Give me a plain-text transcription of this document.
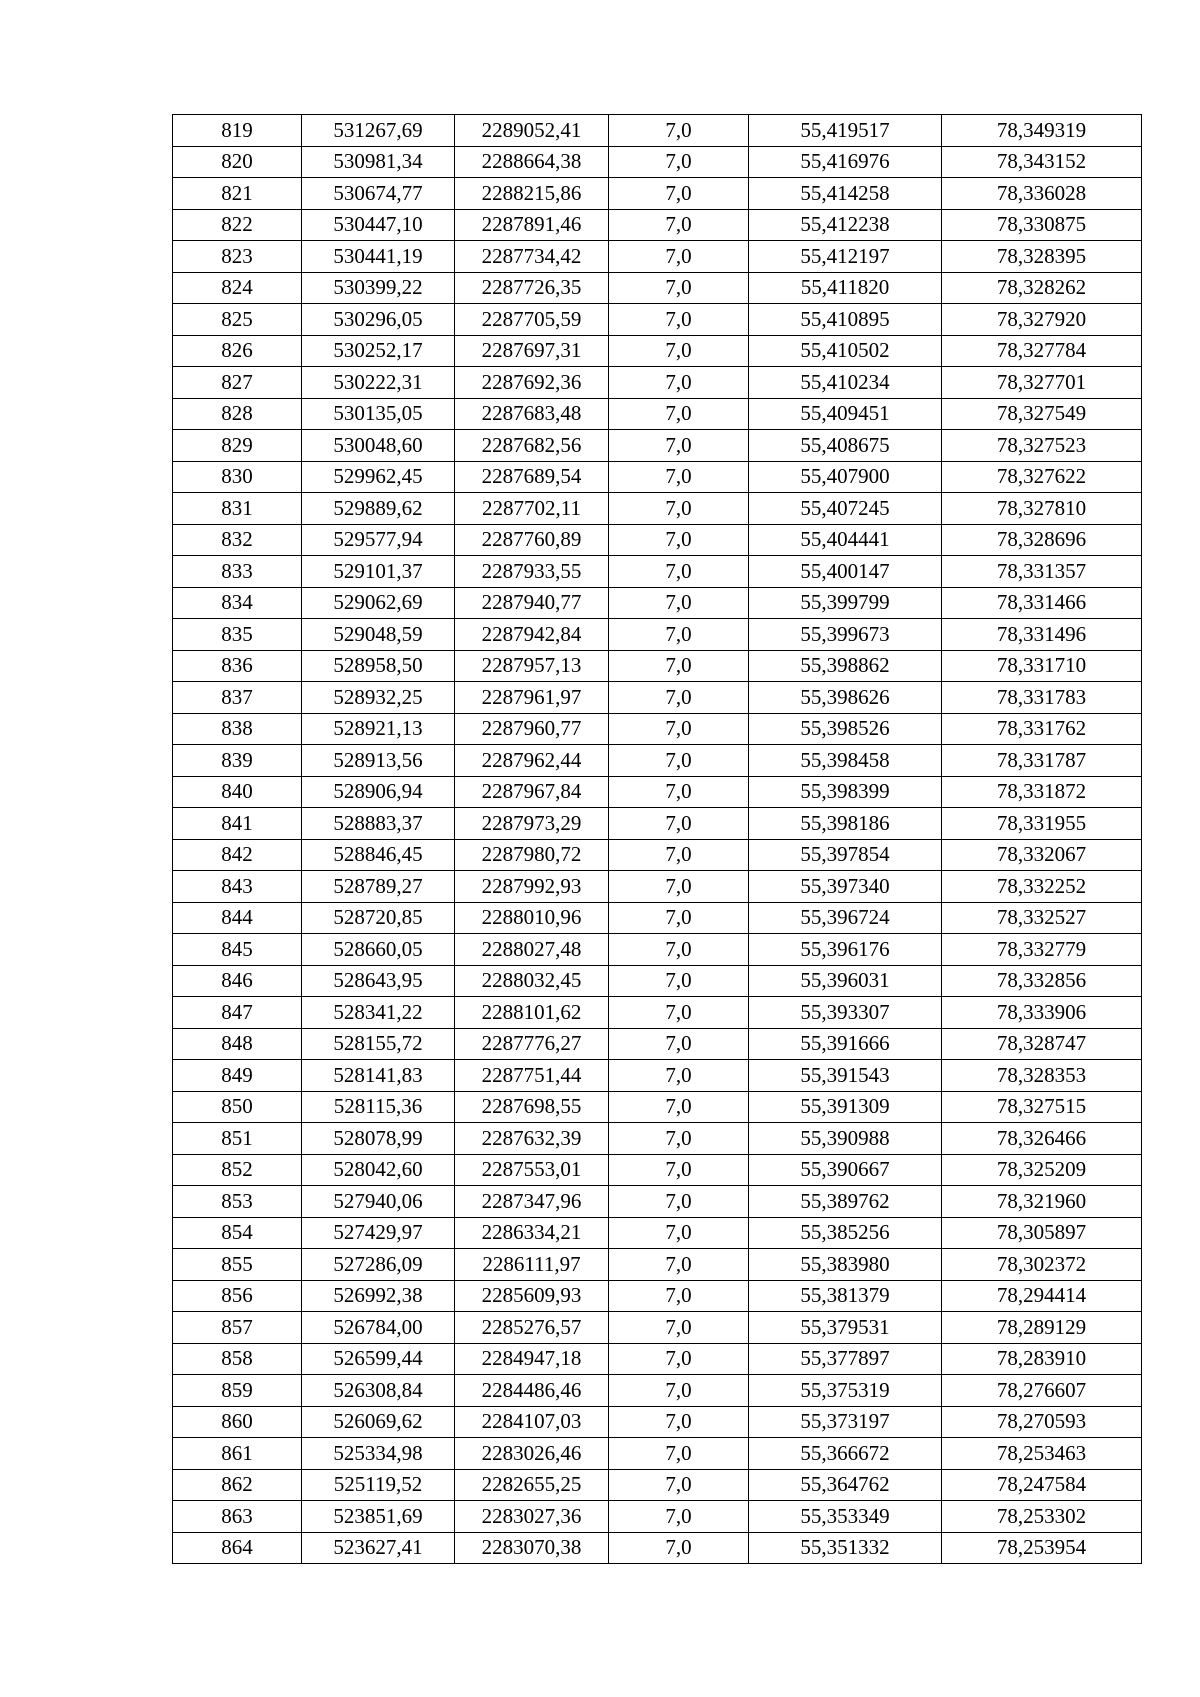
819	531267,69	2289052,41	7,0	55,419517	78,349319
820	530981,34	2288664,38	7,0	55,416976	78,343152
821	530674,77	2288215,86	7,0	55,414258	78,336028
822	530447,10	2287891,46	7,0	55,412238	78,330875
823	530441,19	2287734,42	7,0	55,412197	78,328395
824	530399,22	2287726,35	7,0	55,411820	78,328262
825	530296,05	2287705,59	7,0	55,410895	78,327920
826	530252,17	2287697,31	7,0	55,410502	78,327784
827	530222,31	2287692,36	7,0	55,410234	78,327701
828	530135,05	2287683,48	7,0	55,409451	78,327549
829	530048,60	2287682,56	7,0	55,408675	78,327523
830	529962,45	2287689,54	7,0	55,407900	78,327622
831	529889,62	2287702,11	7,0	55,407245	78,327810
832	529577,94	2287760,89	7,0	55,404441	78,328696
833	529101,37	2287933,55	7,0	55,400147	78,331357
834	529062,69	2287940,77	7,0	55,399799	78,331466
835	529048,59	2287942,84	7,0	55,399673	78,331496
836	528958,50	2287957,13	7,0	55,398862	78,331710
837	528932,25	2287961,97	7,0	55,398626	78,331783
838	528921,13	2287960,77	7,0	55,398526	78,331762
839	528913,56	2287962,44	7,0	55,398458	78,331787
840	528906,94	2287967,84	7,0	55,398399	78,331872
841	528883,37	2287973,29	7,0	55,398186	78,331955
842	528846,45	2287980,72	7,0	55,397854	78,332067
843	528789,27	2287992,93	7,0	55,397340	78,332252
844	528720,85	2288010,96	7,0	55,396724	78,332527
845	528660,05	2288027,48	7,0	55,396176	78,332779
846	528643,95	2288032,45	7,0	55,396031	78,332856
847	528341,22	2288101,62	7,0	55,393307	78,333906
848	528155,72	2287776,27	7,0	55,391666	78,328747
849	528141,83	2287751,44	7,0	55,391543	78,328353
850	528115,36	2287698,55	7,0	55,391309	78,327515
851	528078,99	2287632,39	7,0	55,390988	78,326466
852	528042,60	2287553,01	7,0	55,390667	78,325209
853	527940,06	2287347,96	7,0	55,389762	78,321960
854	527429,97	2286334,21	7,0	55,385256	78,305897
855	527286,09	2286111,97	7,0	55,383980	78,302372
856	526992,38	2285609,93	7,0	55,381379	78,294414
857	526784,00	2285276,57	7,0	55,379531	78,289129
858	526599,44	2284947,18	7,0	55,377897	78,283910
859	526308,84	2284486,46	7,0	55,375319	78,276607
860	526069,62	2284107,03	7,0	55,373197	78,270593
861	525334,98	2283026,46	7,0	55,366672	78,253463
862	525119,52	2282655,25	7,0	55,364762	78,247584
863	523851,69	2283027,36	7,0	55,353349	78,253302
864	523627,41	2283070,38	7,0	55,351332	78,253954
